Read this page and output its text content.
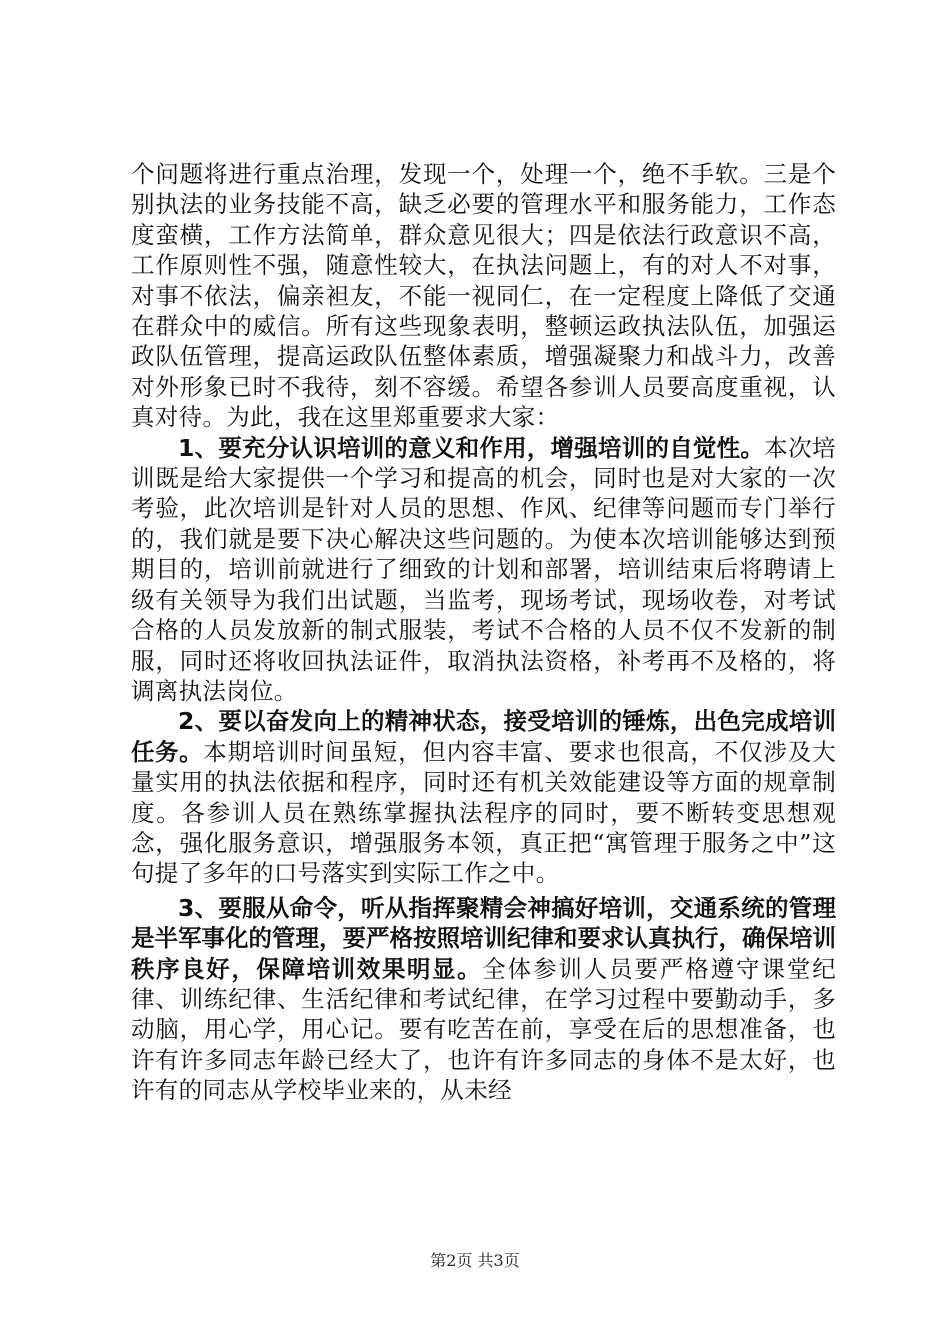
个问题将进行重点治理，发现一个，处理一个，绝不手软。三是个别执法的业务技能不高，缺乏必要的管理水平和服务能力，工作态度蛮横，工作方法简单，群众意见很大；四是依法行政意识不高，工作原则性不强，随意性较大，在执法问题上，有的对人不对事，对事不依法，偏亲袒友，不能一视同仁，在一定程度上降低了交通在群众中的威信。所有这些现象表明，整顿运政执法队伍，加强运政队伍管理，提高运政队伍整体素质，增强凝聚力和战斗力，改善对外形象已时不我待，刻不容缓。希望各参训人员要高度重视，认真对待。为此，我在这里郑重要求大家：

1、要充分认识培训的意义和作用，增强培训的自觉性。本次培训既是给大家提供一个学习和提高的机会，同时也是对大家的一次考验，此次培训是针对人员的思想、作风、纪律等问题而专门举行的，我们就是要下决心解决这些问题的。为使本次培训能够达到预期目的，培训前就进行了细致的计划和部署，培训结束后将聘请上级有关领导为我们出试题，当监考，现场考试，现场收卷，对考试合格的人员发放新的制式服装，考试不合格的人员不仅不发新的制服，同时还将收回执法证件，取消执法资格，补考再不及格的，将调离执法岗位。

2、要以奋发向上的精神状态，接受培训的锤炼，出色完成培训任务。本期培训时间虽短，但内容丰富、要求也很高，不仅涉及大量实用的执法依据和程序，同时还有机关效能建设等方面的规章制度。各参训人员在熟练掌握执法程序的同时，要不断转变思想观念，强化服务意识，增强服务本领，真正把“寓管理于服务之中”这句提了多年的口号落实到实际工作之中。

3、要服从命令，听从指挥聚精会神搞好培训，交通系统的管理是半军事化的管理，要严格按照培训纪律和要求认真执行，确保培训秩序良好，保障培训效果明显。全体参训人员要严格遵守课堂纪律、训练纪律、生活纪律和考试纪律，在学习过程中要勤动手，多动脑，用心学，用心记。要有吃苦在前，享受在后的思想准备，也许有许多同志年龄已经大了，也许有许多同志的身体不是太好，也许有的同志从学校毕业来的，从未经

第2页 共3页
